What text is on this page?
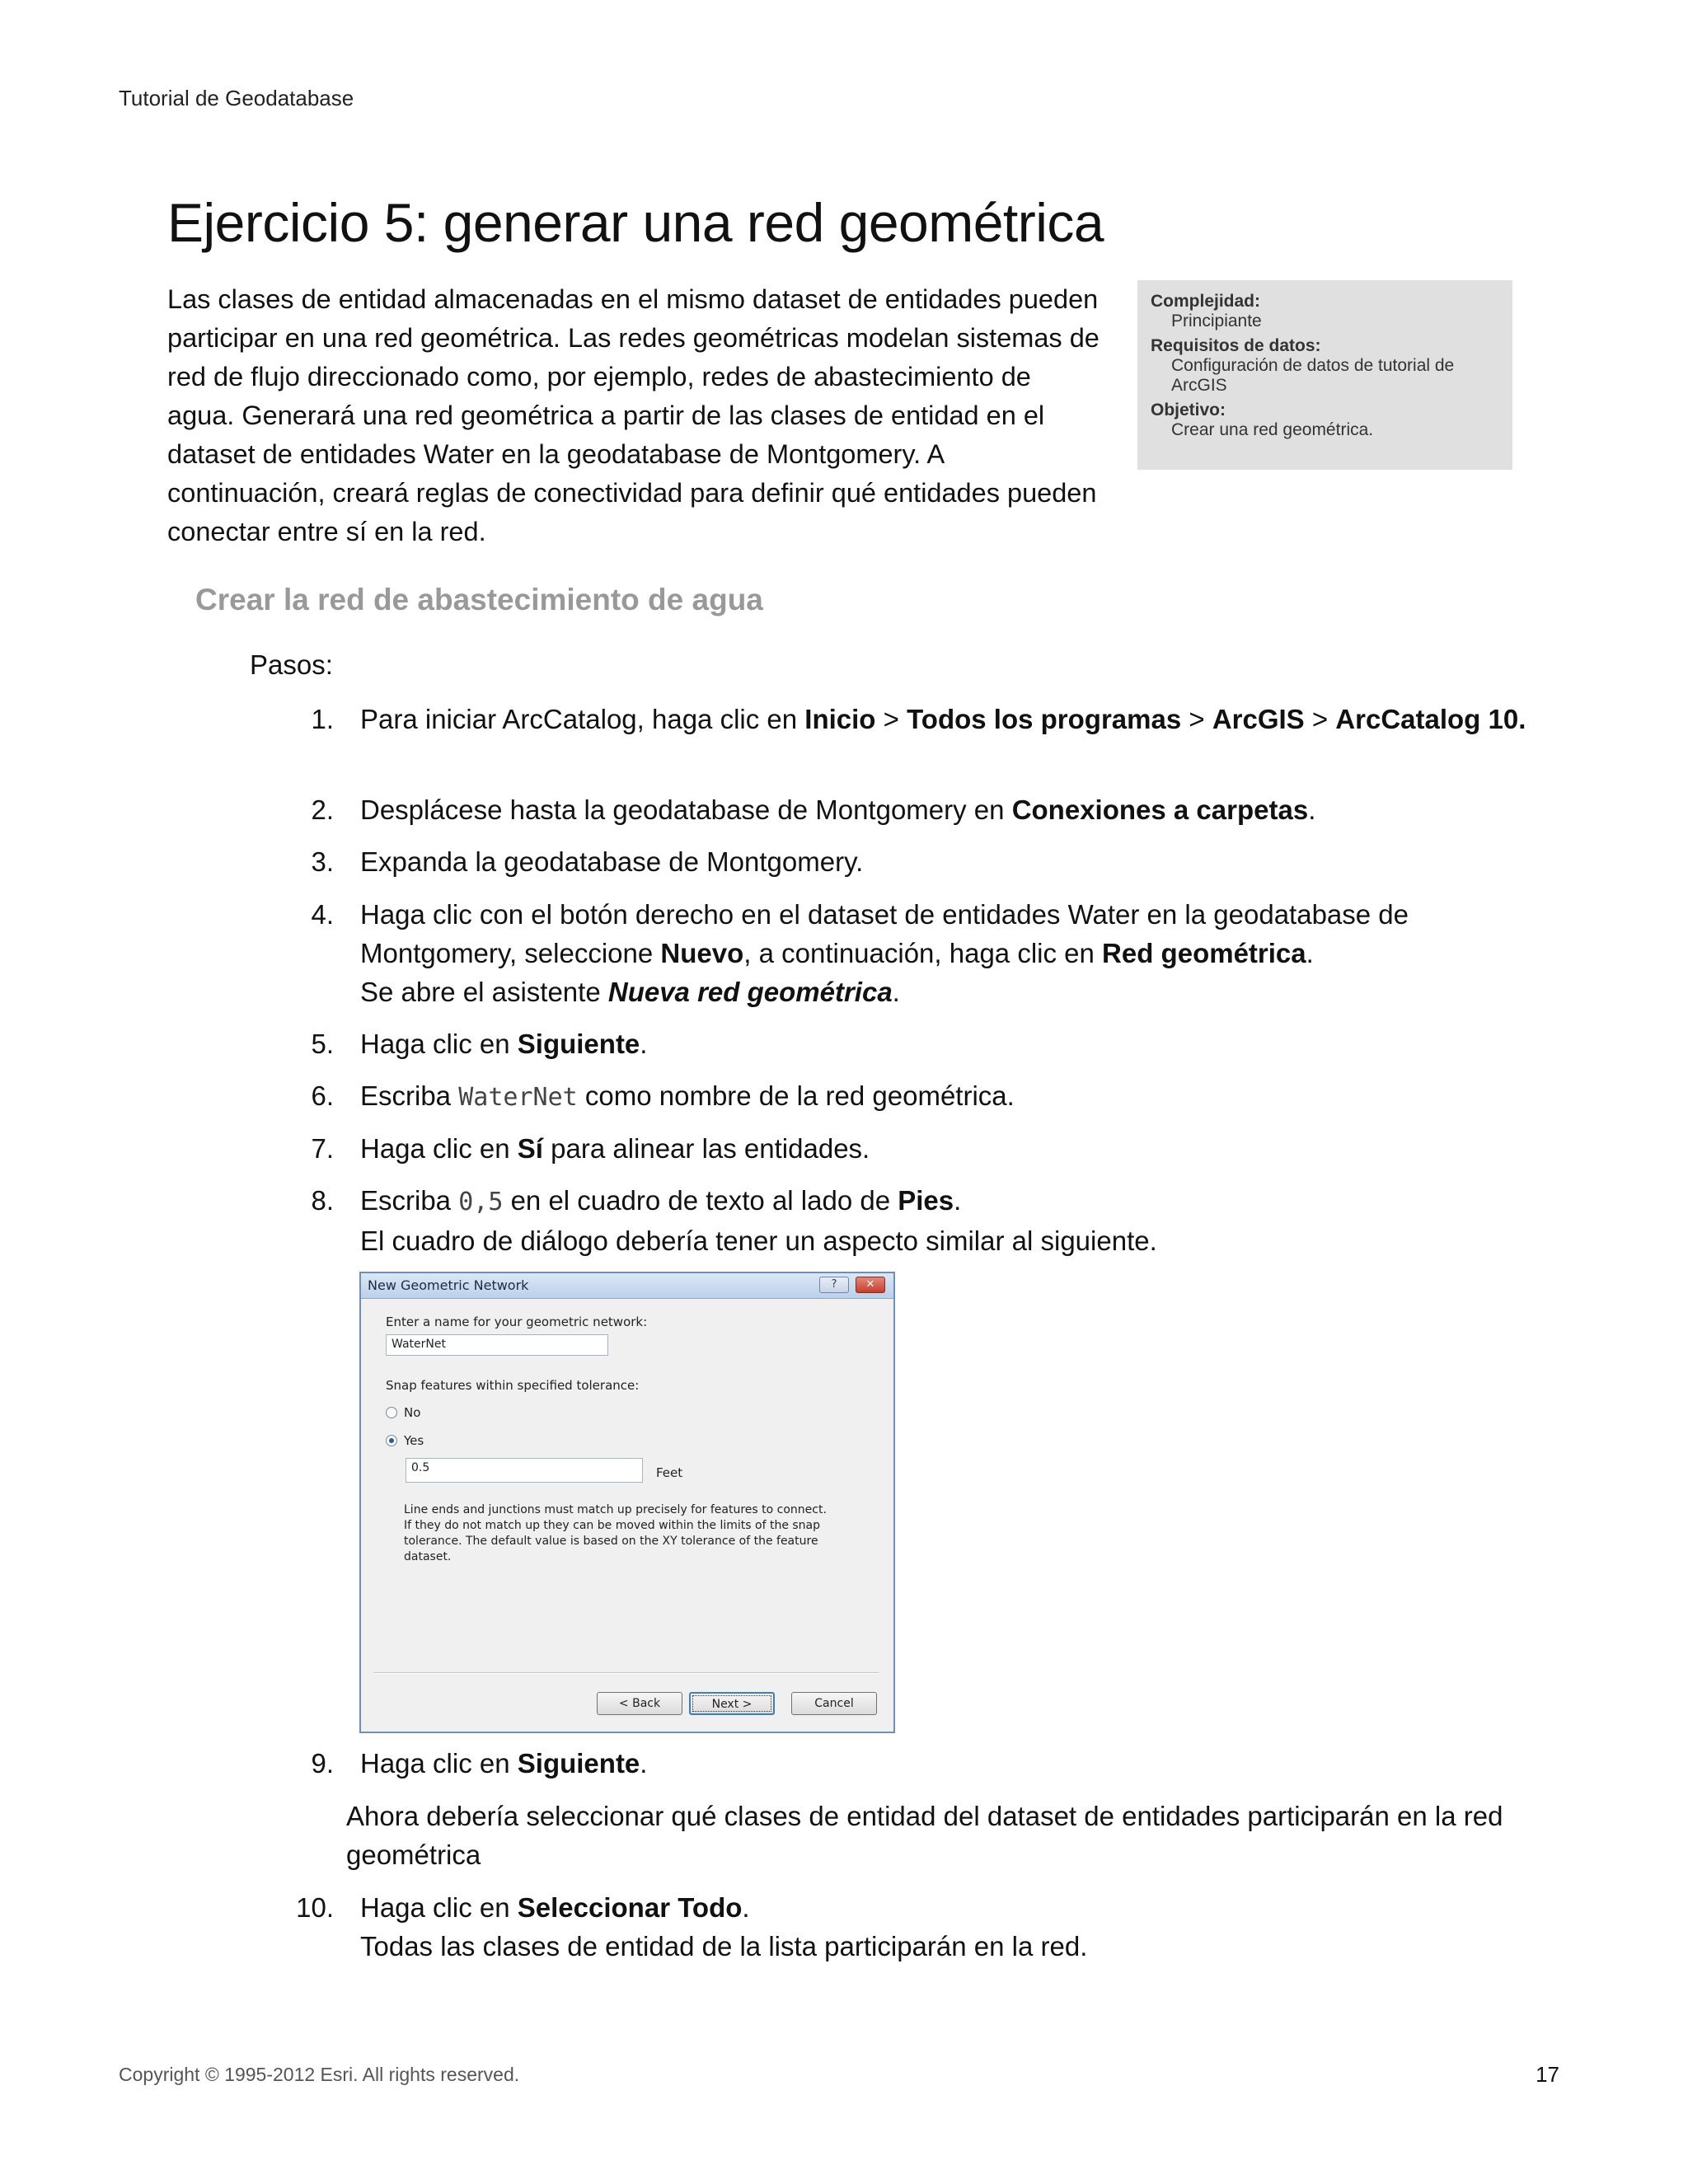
Tutorial de Geodatabase
Ejercicio 5: generar una red geométrica

Las clases de entidad almacenadas en el mismo dataset de entidades pueden participar en una red geométrica. Las redes geométricas modelan sistemas de red de flujo direccionado como, por ejemplo, redes de abastecimiento de agua. Generará una red geométrica a partir de las clases de entidad en el dataset de entidades Water en la geodatabase de Montgomery. A continuación, creará reglas de conectividad para definir qué entidades pueden conectar entre sí en la red.

Complejidad:
Principiante
Requisitos de datos:
Configuración de datos de tutorial de ArcGIS
Objetivo:
Crear una red geométrica.
Crear la red de abastecimiento de agua
Pasos:
1. Para iniciar ArcCatalog, haga clic en Inicio > Todos los programas > ArcGIS > ArcCatalog 10.
2. Desplácese hasta la geodatabase de Montgomery en Conexiones a carpetas.
3. Expanda la geodatabase de Montgomery.
4. Haga clic con el botón derecho en el dataset de entidades Water en la geodatabase de Montgomery, seleccione Nuevo, a continuación, haga clic en Red geométrica.
Se abre el asistente Nueva red geométrica.
5. Haga clic en Siguiente.
6. Escriba WaterNet como nombre de la red geométrica.
7. Haga clic en Sí para alinear las entidades.
8. Escriba 0,5 en el cuadro de texto al lado de Pies.
El cuadro de diálogo debería tener un aspecto similar al siguiente.
New Geometric Network	?	✕
Enter a name for your geometric network:
WaterNet
Snap features within specified tolerance:
No
Yes
0.5	Feet
Line ends and junctions must match up precisely for features to connect. If they do not match up they can be moved within the limits of the snap tolerance. The default value is based on the XY tolerance of the feature dataset.
< Back	Next >	Cancel
9. Haga clic en Siguiente.
Ahora debería seleccionar qué clases de entidad del dataset de entidades participarán en la red geométrica
10. Haga clic en Seleccionar Todo.
Todas las clases de entidad de la lista participarán en la red.
Copyright © 1995-2012 Esri. All rights reserved.	17
